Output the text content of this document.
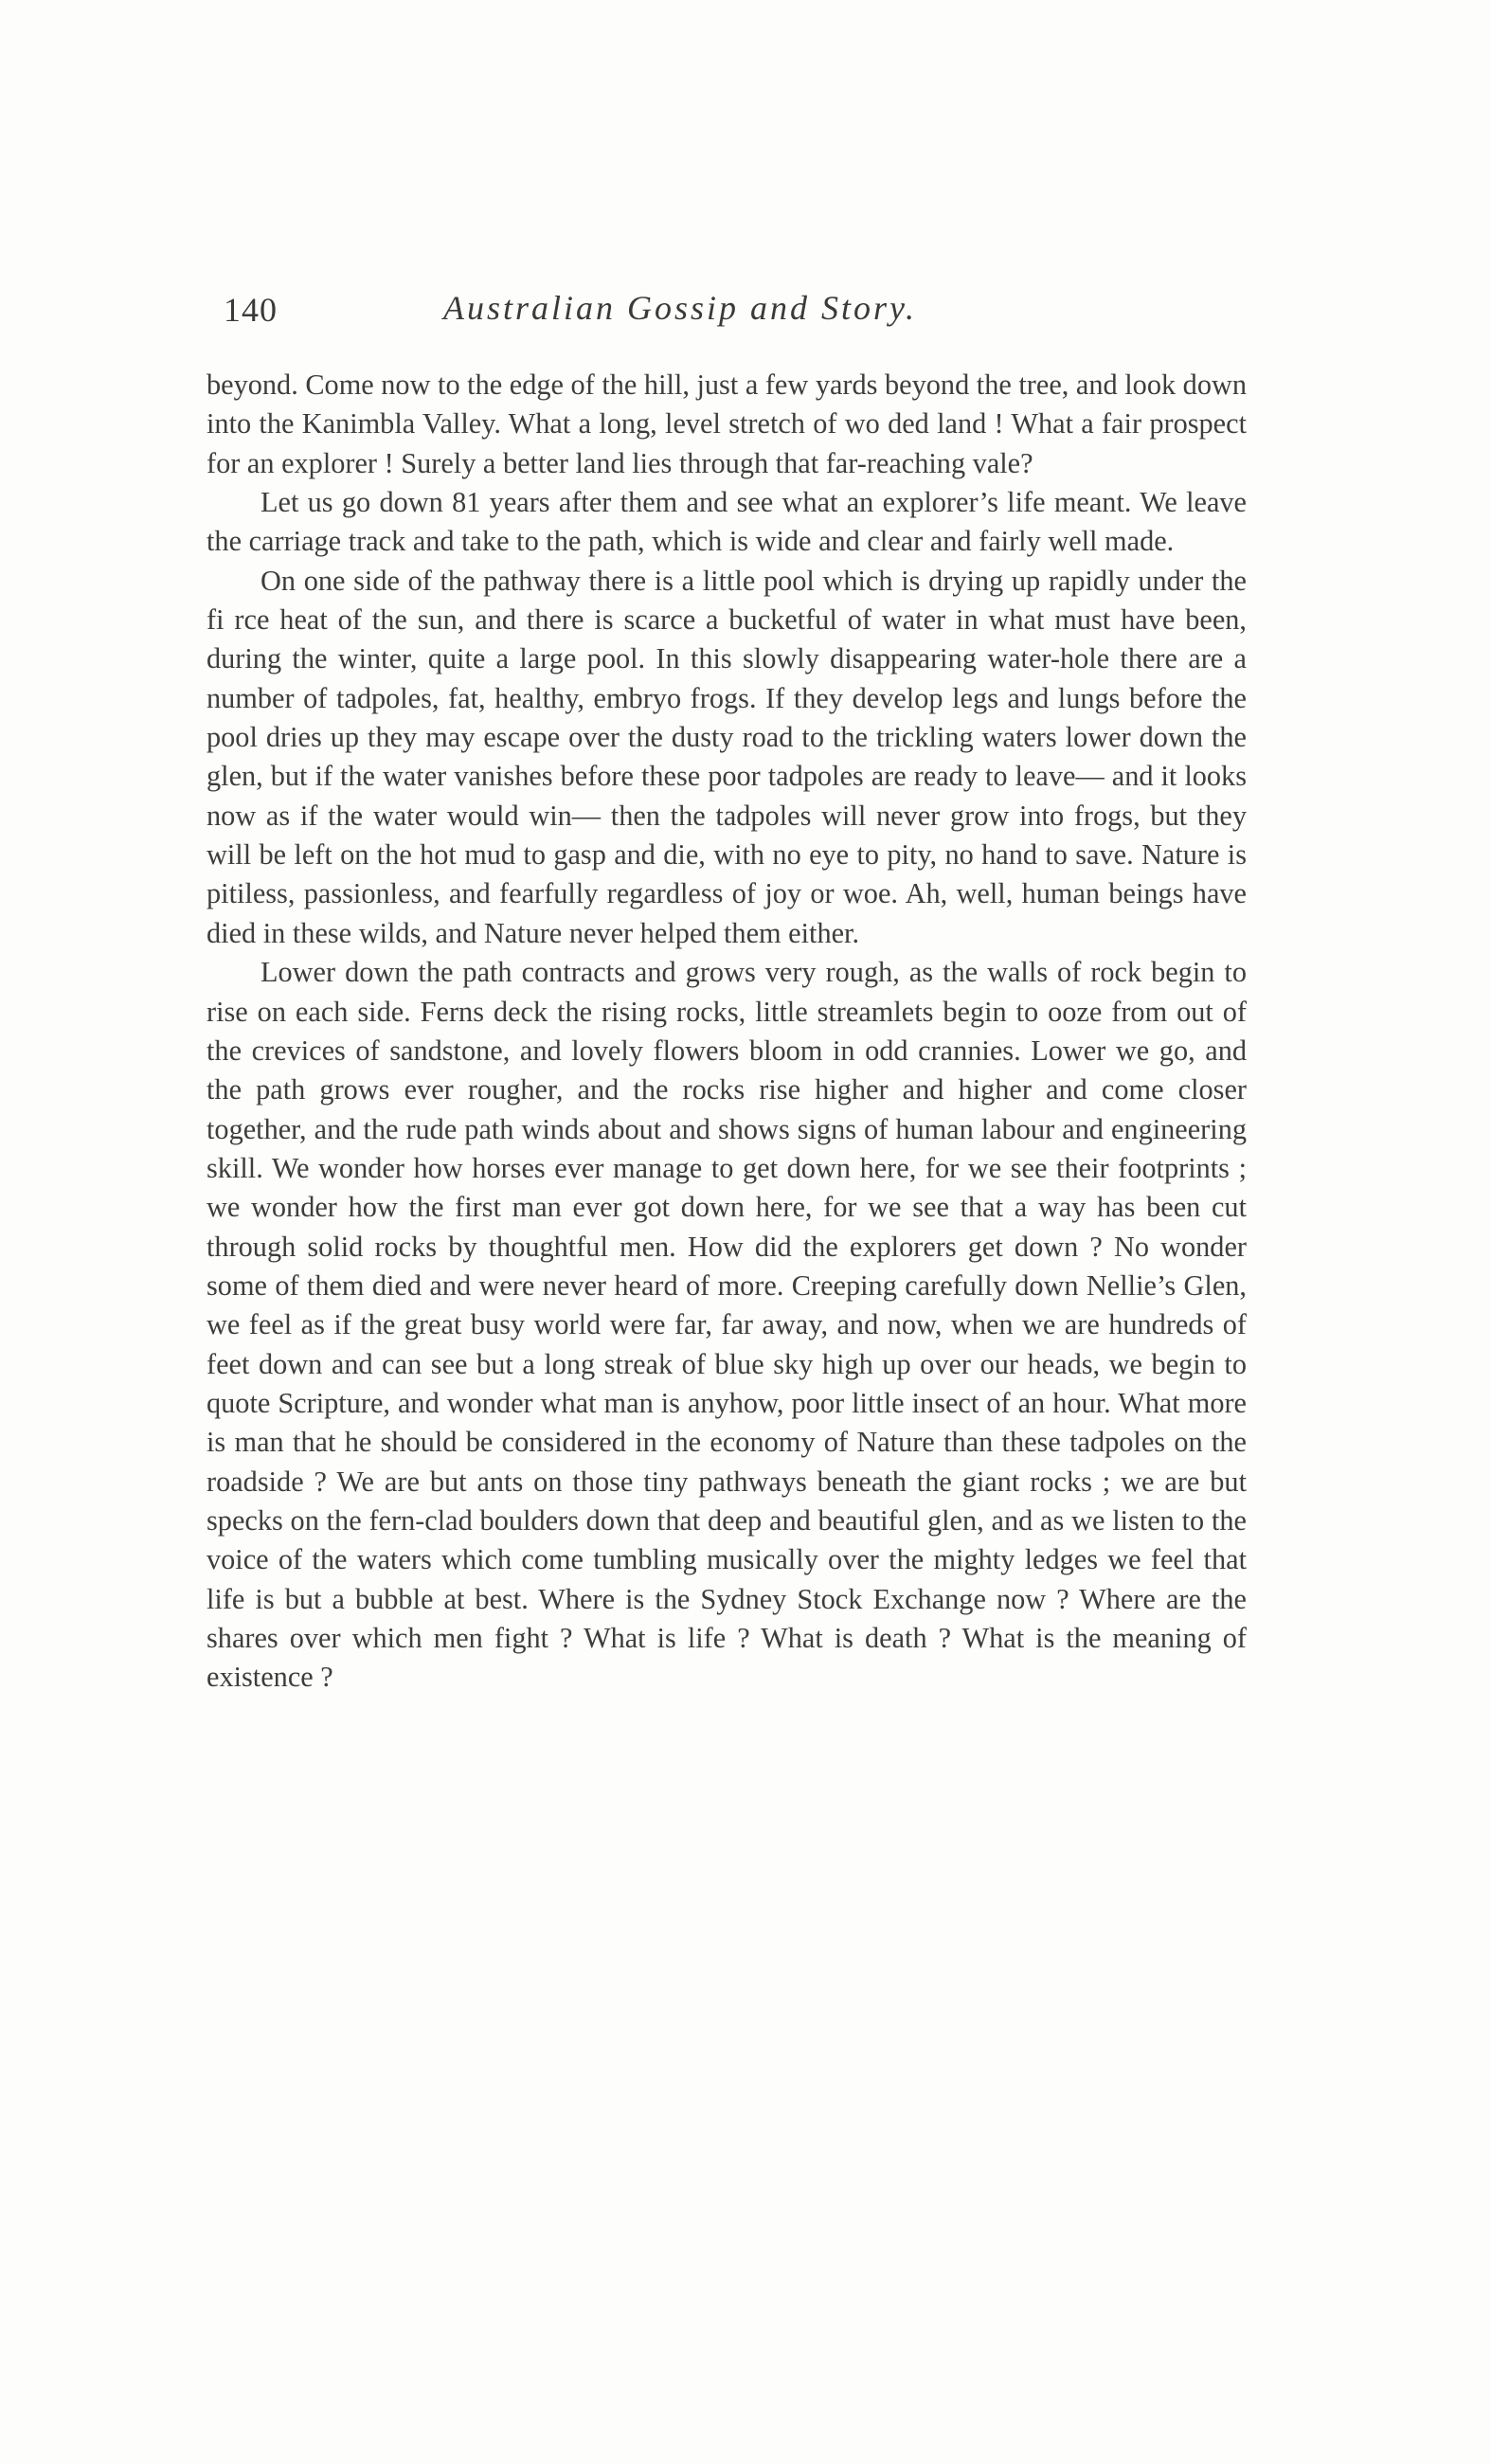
140	Australian Gossip and Story.

beyond. Come now to the edge of the hill, just a few yards beyond the tree, and look down into the Kanimbla Valley. What a long, level stretch of wo ded land ! What a fair prospect for an explorer ! Surely a better land lies through that far-reaching vale?

Let us go down 81 years after them and see what an explorer’s life meant. We leave the carriage track and take to the path, which is wide and clear and fairly well made.

On one side of the pathway there is a little pool which is drying up rapidly under the fi rce heat of the sun, and there is scarce a bucketful of water in what must have been, during the winter, quite a large pool. In this slowly disappearing water-hole there are a number of tadpoles, fat, healthy, embryo frogs. If they develop legs and lungs before the pool dries up they may escape over the dusty road to the trickling waters lower down the glen, but if the water vanishes before these poor tadpoles are ready to leave— and it looks now as if the water would win— then the tadpoles will never grow into frogs, but they will be left on the hot mud to gasp and die, with no eye to pity, no hand to save. Nature is pitiless, passionless, and fearfully regardless of joy or woe. Ah, well, human beings have died in these wilds, and Nature never helped them either.

Lower down the path contracts and grows very rough, as the walls of rock begin to rise on each side. Ferns deck the rising rocks, little streamlets begin to ooze from out of the crevices of sandstone, and lovely flowers bloom in odd crannies. Lower we go, and the path grows ever rougher, and the rocks rise higher and higher and come closer together, and the rude path winds about and shows signs of human labour and engineering skill. We wonder how horses ever manage to get down here, for we see their footprints ; we wonder how the first man ever got down here, for we see that a way has been cut through solid rocks by thoughtful men. How did the explorers get down ? No wonder some of them died and were never heard of more. Creeping carefully down Nellie’s Glen, we feel as if the great busy world were far, far away, and now, when we are hundreds of feet down and can see but a long streak of blue sky high up over our heads, we begin to quote Scripture, and wonder what man is anyhow, poor little insect of an hour. What more is man that he should be considered in the economy of Nature than these tadpoles on the roadside ? We are but ants on those tiny pathways beneath the giant rocks ; we are but specks on the fern-clad boulders down that deep and beautiful glen, and as we listen to the voice of the waters which come tumbling musically over the mighty ledges we feel that life is but a bubble at best. Where is the Sydney Stock Exchange now ? Where are the shares over which men fight ? What is life ? What is death ? What is the meaning of existence ?
